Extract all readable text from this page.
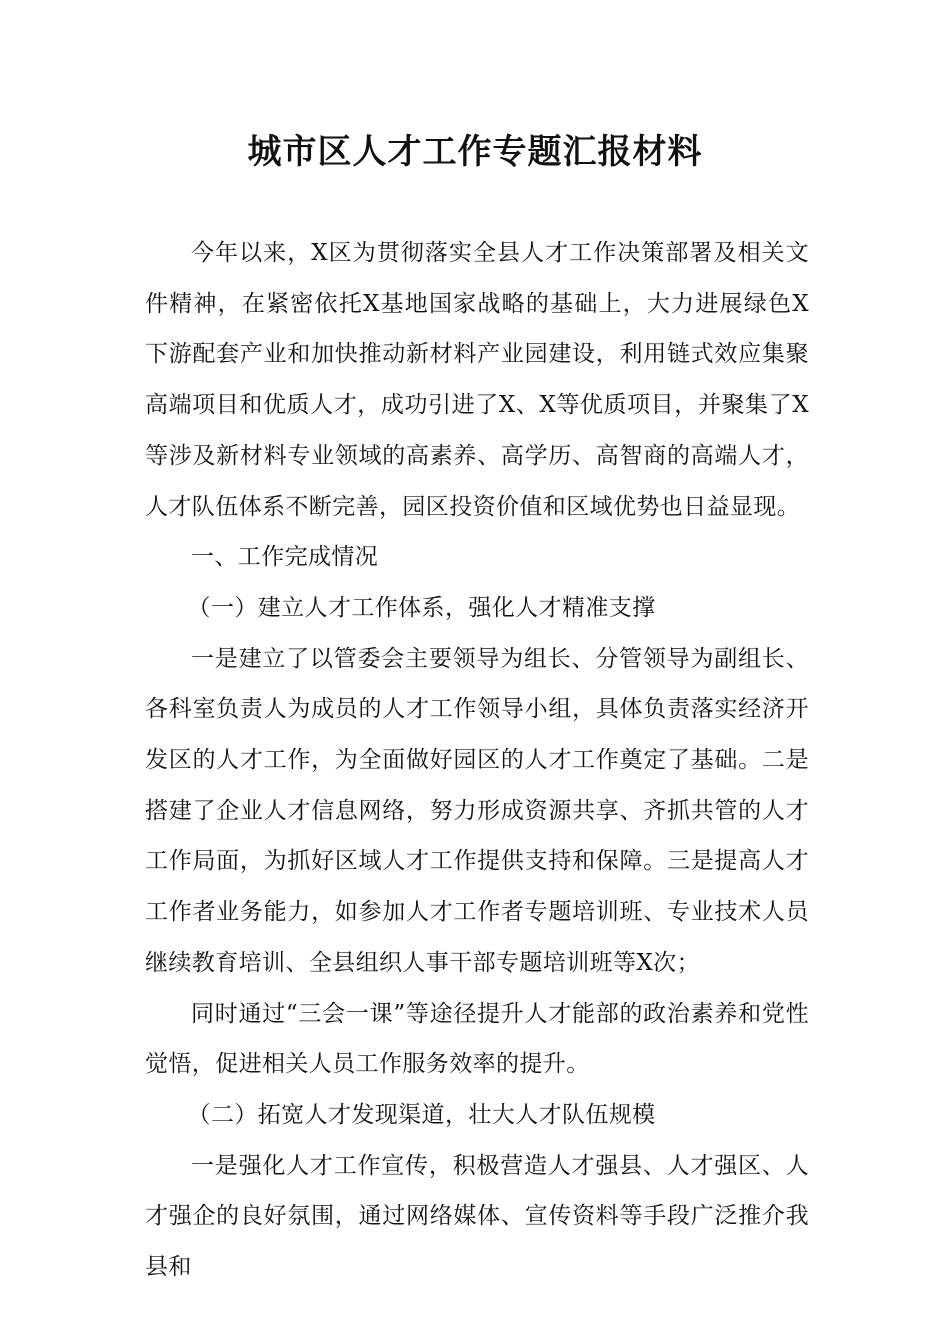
城市区人才工作专题汇报材料

今年以来，X区为贯彻落实全县人才工作决策部署及相关文件精神，在紧密依托X基地国家战略的基础上，大力进展绿色X下游配套产业和加快推动新材料产业园建设，利用链式效应集聚高端项目和优质人才，成功引进了X、X等优质项目，并聚集了X等涉及新材料专业领域的高素养、高学历、高智商的高端人才，人才队伍体系不断完善，园区投资价值和区域优势也日益显现。

一、工作完成情况

（一）建立人才工作体系，强化人才精准支撑

一是建立了以管委会主要领导为组长、分管领导为副组长、各科室负责人为成员的人才工作领导小组，具体负责落实经济开发区的人才工作，为全面做好园区的人才工作奠定了基础。二是搭建了企业人才信息网络，努力形成资源共享、齐抓共管的人才工作局面，为抓好区域人才工作提供支持和保障。三是提高人才工作者业务能力，如参加人才工作者专题培训班、专业技术人员继续教育培训、全县组织人事干部专题培训班等X次；

同时通过“三会一课”等途径提升人才能部的政治素养和党性觉悟，促进相关人员工作服务效率的提升。

（二）拓宽人才发现渠道，壮大人才队伍规模

一是强化人才工作宣传，积极营造人才强县、人才强区、人才强企的良好氛围，通过网络媒体、宣传资料等手段广泛推介我县和
